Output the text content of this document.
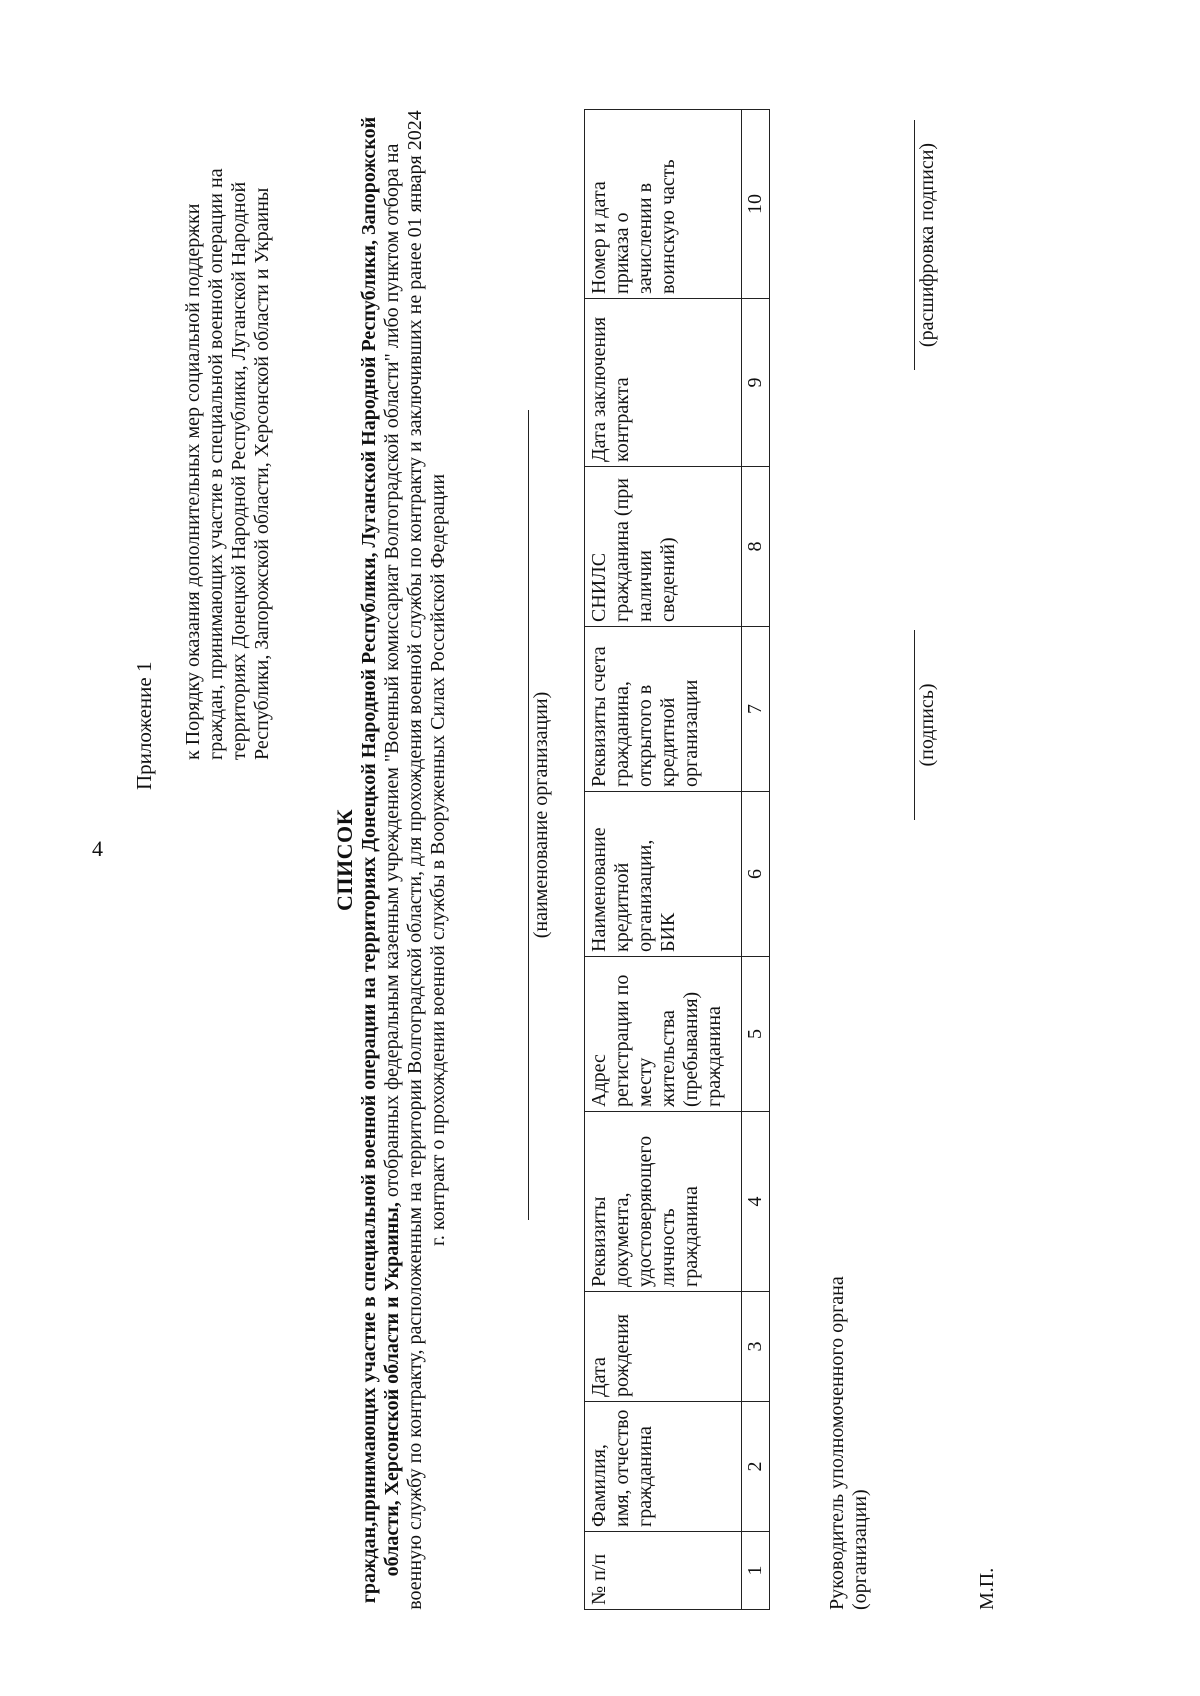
4
Приложение 1 к Порядку оказания дополнительных мер социальной поддержки граждан, принимающих участие в специальной военной операции на территориях Донецкой Народной Республики, Луганской Народной Республики, Запорожской области, Херсонской области и Украины
СПИСОК граждан,принимающих участие в специальной военной операции на территориях Донецкой Народной Республики, Луганской Народной Республики, Запорожской области, Херсонской области и Украины, отобранных федеральным казенным учреждением "Военный комиссариат Волгоградской области" либо пунктом отбора на военную службу по контракту, расположенным на территории Волгоградской области, для прохождения военной службы по контракту и заключивших не ранее 01 января 2024 г. контракт о прохождении военной службы в Вооруженных Силах Российской Федерации	(наименование организации)
№ п/п	Фамилия, имя, отчество гражданина	Дата рождения	Реквизиты документа, удостоверяющего личность гражданина	Адрес регистрации по месту жительства (пребывания) гражданина	Наименование кредитной организации, БИК	Реквизиты счета гражданина, открытого в кредитной организации	СНИЛС гражданина (при наличии сведений)	Дата заключения контракта	Номер и дата приказа о зачислении в воинскую часть
1	2	3	4	5	6	7	8	9	10
Руководитель уполномоченного органа (организации)
(подпись)
(расшифровка подписи)
М.П.
